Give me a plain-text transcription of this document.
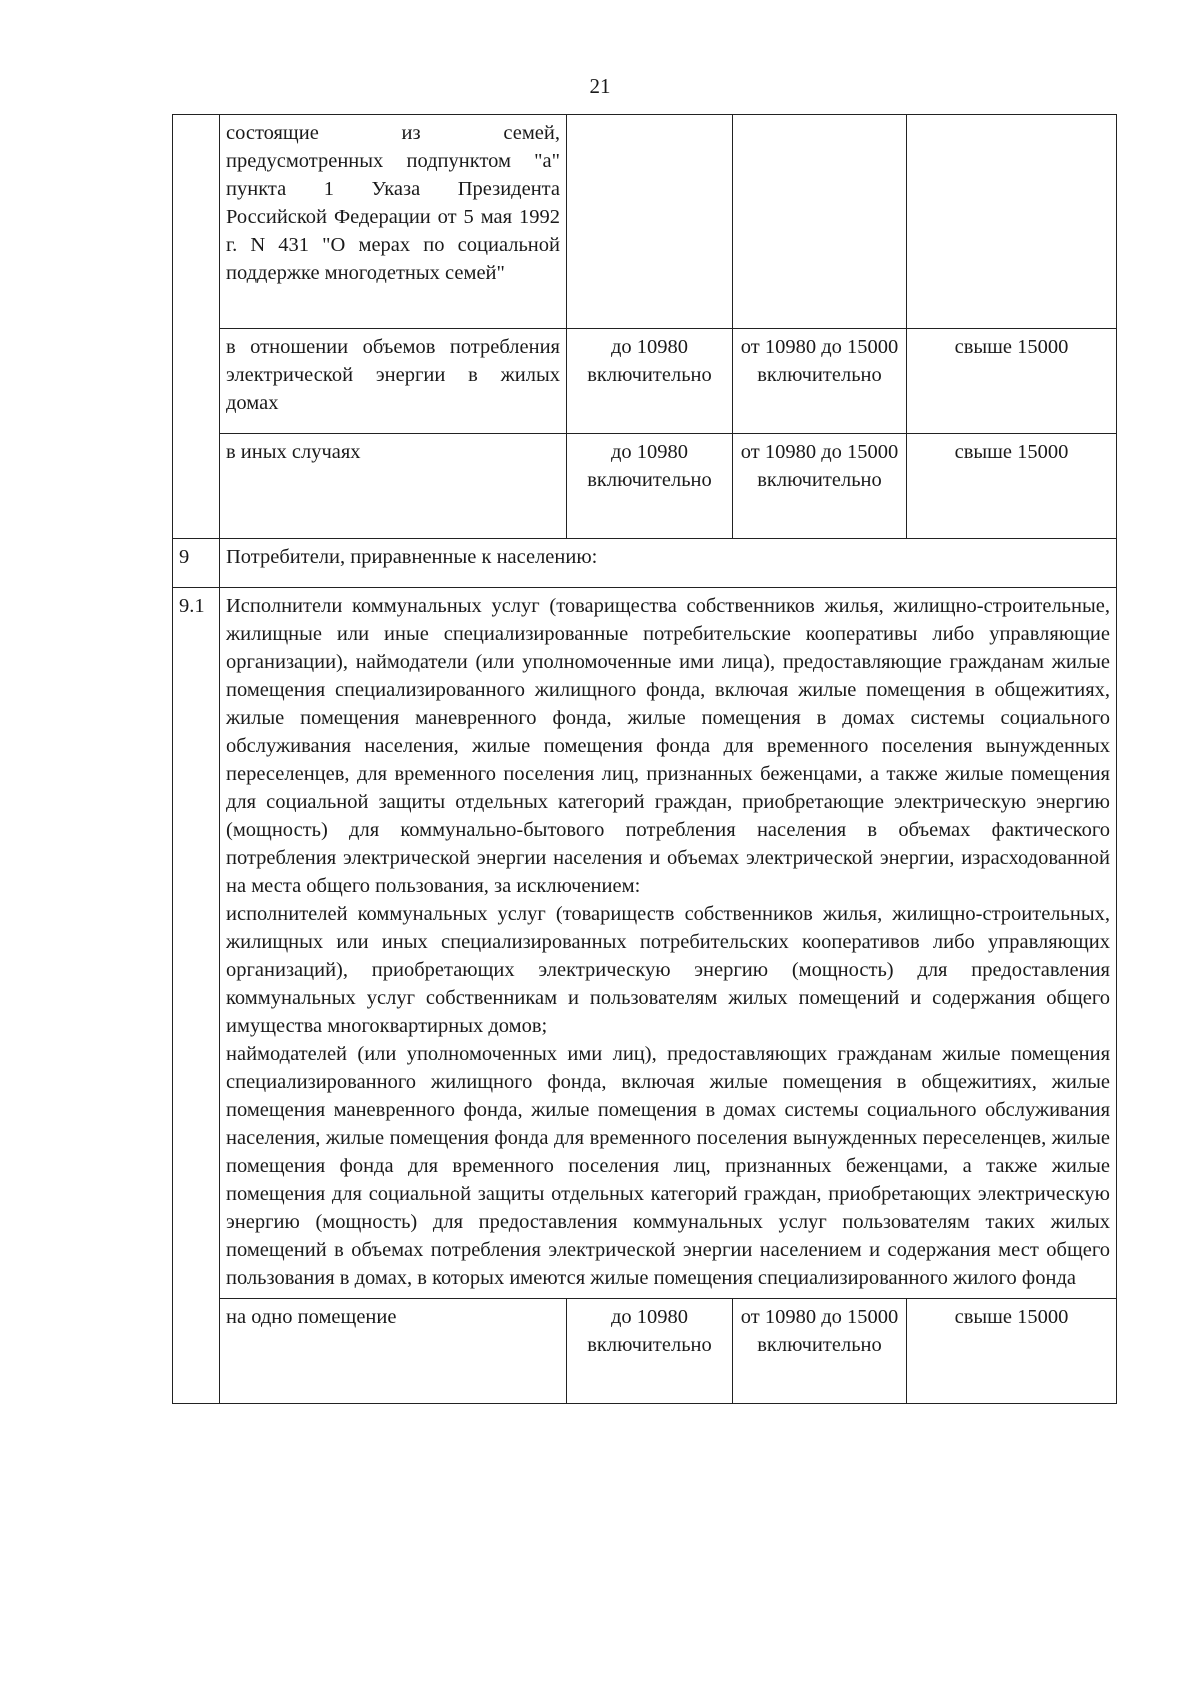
21
	состоящие из семей, предусмотренных подпунктом "а" пункта 1 Указа Президента Российской Федерации от 5 мая 1992 г. N 431 "О мерах по социальной поддержке многодетных семей"			
	в отношении объемов потребления электрической энергии в жилых домах	до 10980 включительно	от 10980 до 15000 включительно	свыше 15000
	в иных случаях	до 10980 включительно	от 10980 до 15000 включительно	свыше 15000
9	Потребители, приравненные к населению:			
9.1	Исполнители коммунальных услуг (товарищества собственников жилья, жилищно-строительные, жилищные или иные специализированные потребительские кооперативы либо управляющие организации), наймодатели (или уполномоченные ими лица), предоставляющие гражданам жилые помещения специализированного жилищного фонда, включая жилые помещения в общежитиях, жилые помещения маневренного фонда, жилые помещения в домах системы социального обслуживания населения, жилые помещения фонда для временного поселения вынужденных переселенцев, для временного поселения лиц, признанных беженцами, а также жилые помещения для социальной защиты отдельных категорий граждан, приобретающие электрическую энергию (мощность) для коммунально-бытового потребления населения в объемах фактического потребления электрической энергии населения и объемах электрической энергии, израсходованной на места общего пользования, за исключением:
исполнителей коммунальных услуг (товариществ собственников жилья, жилищно-строительных, жилищных или иных специализированных потребительских кооперативов либо управляющих организаций), приобретающих электрическую энергию (мощность) для предоставления коммунальных услуг собственникам и пользователям жилых помещений и содержания общего имущества многоквартирных домов;
наймодателей (или уполномоченных ими лиц), предоставляющих гражданам жилые помещения специализированного жилищного фонда, включая жилые помещения в общежитиях, жилые помещения маневренного фонда, жилые помещения в домах системы социального обслуживания населения, жилые помещения фонда для временного поселения вынужденных переселенцев, жилые помещения фонда для временного поселения лиц, признанных беженцами, а также жилые помещения для социальной защиты отдельных категорий граждан, приобретающих электрическую энергию (мощность) для предоставления коммунальных услуг пользователям таких жилых помещений в объемах потребления электрической энергии населением и содержания мест общего пользования в домах, в которых имеются жилые помещения специализированного жилого фонда			

	на одно помещение	до 10980 включительно	от 10980 до 15000 включительно	свыше 15000
